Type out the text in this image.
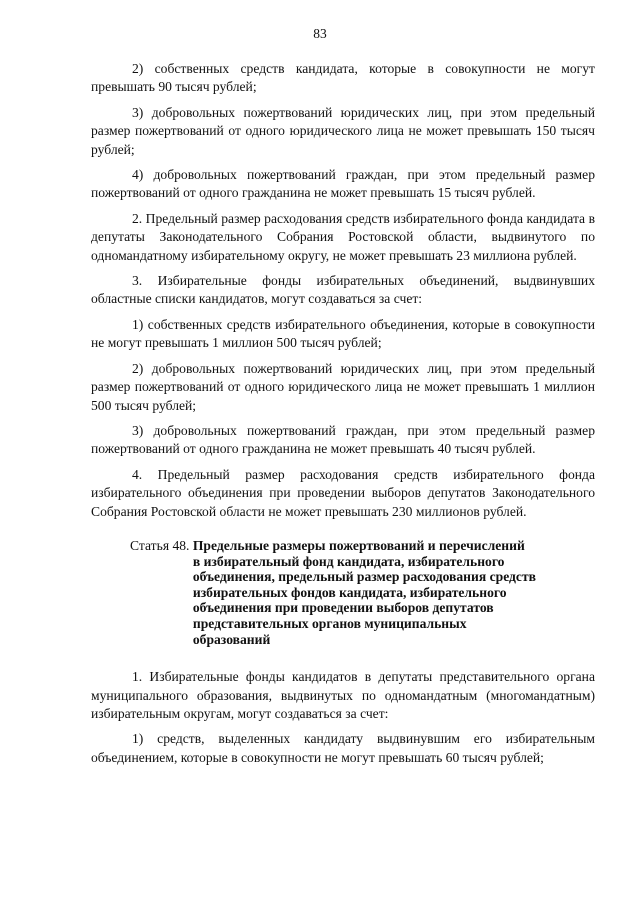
83

2) собственных средств кандидата, которые в совокупности не могут превышать 90 тысяч рублей;

3) добровольных пожертвований юридических лиц, при этом предельный размер пожертвований от одного юридического лица не может превышать 150 тысяч рублей;

4) добровольных пожертвований граждан, при этом предельный размер пожертвований от одного гражданина не может превышать 15 тысяч рублей.

2. Предельный размер расходования средств избирательного фонда кандидата в депутаты Законодательного Собрания Ростовской области, выдвинутого по одномандатному избирательному округу, не может превышать 23 миллиона рублей.

3. Избирательные фонды избирательных объединений, выдвинувших областные списки кандидатов, могут создаваться за счет:

1) собственных средств избирательного объединения, которые в совокупности не могут превышать 1 миллион 500 тысяч рублей;

2) добровольных пожертвований юридических лиц, при этом предельный размер пожертвований от одного юридического лица не может превышать 1 миллион 500 тысяч рублей;

3) добровольных пожертвований граждан, при этом предельный размер пожертвований от одного гражданина не может превышать 40 тысяч рублей.

4. Предельный размер расходования средств избирательного фонда избирательного объединения при проведении выборов депутатов Законодательного Собрания Ростовской области не может превышать 230 миллионов рублей.

Статья 48. Предельные размеры пожертвований и перечислений
в избирательный фонд кандидата, избирательного
объединения, предельный размер расходования средств
избирательных фондов кандидата, избирательного
объединения при проведении выборов депутатов
представительных органов муниципальных
образований

1. Избирательные фонды кандидатов в депутаты представительного органа муниципального образования, выдвинутых по одномандатным (многомандатным) избирательным округам, могут создаваться за счет:

1) средств, выделенных кандидату выдвинувшим его избирательным объединением, которые в совокупности не могут превышать 60 тысяч рублей;
